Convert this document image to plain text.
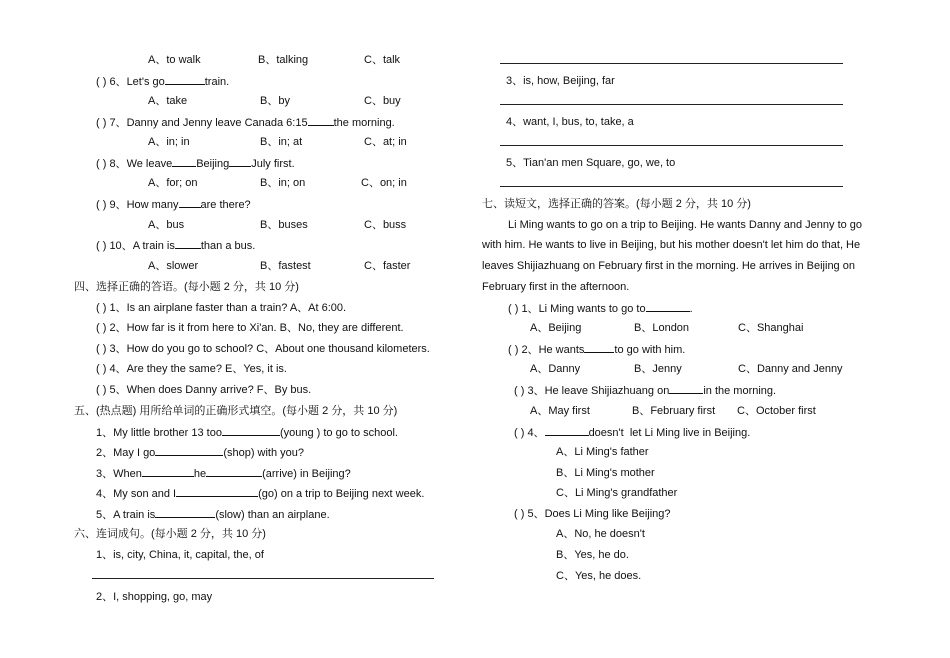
A、to walk	B、talking	C、talk
( ) 6、Let's go	train.
A、take	B、by	C、buy
( ) 7、Danny and Jenny leave Canada 6:15 the morning.
A、in; in	B、in; at	C、at; in
( ) 8、We leave Beijing July first.
A、for; on	B、in; on	C、on; in
( ) 9、How many are there?
A、bus	B、buses	C、buss
( ) 10、A train is than a bus.
A、slower	B、fastest	C、faster
四、选择正确的答语。(每小题 2 分，共 10 分)
( ) 1、Is an airplane faster than a train? A、At 6:00.
( ) 2、How far is it from here to Xi'an. B、No, they are different.
( ) 3、How do you go to school? C、About one thousand kilometers.
( ) 4、Are they the same? E、Yes, it is.
( ) 5、When does Danny arrive? F、By bus.
五、(热点题) 用所给单词的正确形式填空。(每小题 2 分，共 10 分)
1、My little brother 13 too	(young ) to go to school.
2、May I go	(shop) with you?
3、When	he	(arrive) in Beijing?
4、My son and I	(go) on a trip to Beijing next week.
5、A train is	(slow) than an airplane.
六、连词成句。(每小题 2 分，共 10 分)
1、is, city, China, it, capital, the, of
2、I, shopping, go, may
3、is, how, Beijing, far
4、want, I, bus, to, take, a
5、Tian'an men Square, go, we, to
七、读短文，选择正确的答案。(每小题 2 分，共 10 分)
Li Ming wants to go on a trip to Beijing. He wants Danny and Jenny to go
with him. He wants to live in Beijing, but his mother doesn't let him do that, He
leaves Shijiazhuang on February first in the morning. He arrives in Beijing on
February first in the afternoon.
( ) 1、Li Ming wants to go to	.
A、Beijing	B、London	C、Shanghai
( ) 2、He wants	to go with him.
A、Danny	B、Jenny	C、Danny and Jenny
( ) 3、He leave Shijiazhuang on	in the morning.
A、May first	B、February first C、October first
( ) 4、	doesn't let Li Ming live in Beijing.
A、Li Ming's father
B、Li Ming's mother
C、Li Ming's grandfather
( ) 5、Does Li Ming like Beijing?
A、No, he doesn't
B、Yes, he do.
C、Yes, he does.
